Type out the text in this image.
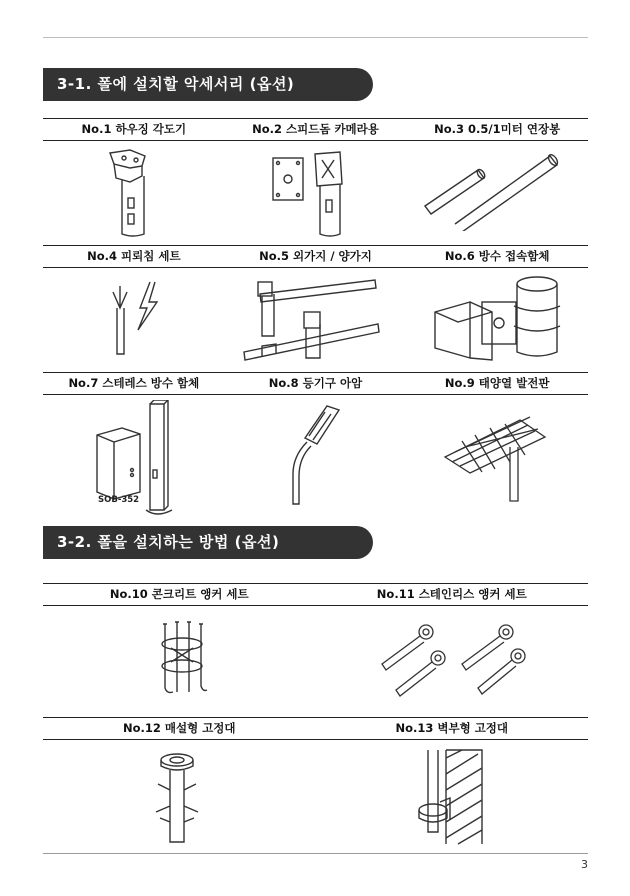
3-1. 폴에 설치할 악세서리 (옵션)
No.1 하우징 각도기	No.2 스피드돔 카메라용	No.3 0.5/1미터 연장봉
No.4 피뢰침 세트	No.5 외가지 / 양가지	No.6 방수 접속함체
No.7 스테레스 방수 함체	No.8 등기구 아암	No.9 태양열 발전판
SOB-352
3-2. 폴을 설치하는 방법 (옵션)
No.10 콘크리트 앵커 세트	No.11 스테인리스 앵커 세트
No.12 매설형 고정대	No.13 벽부형 고정대
3
